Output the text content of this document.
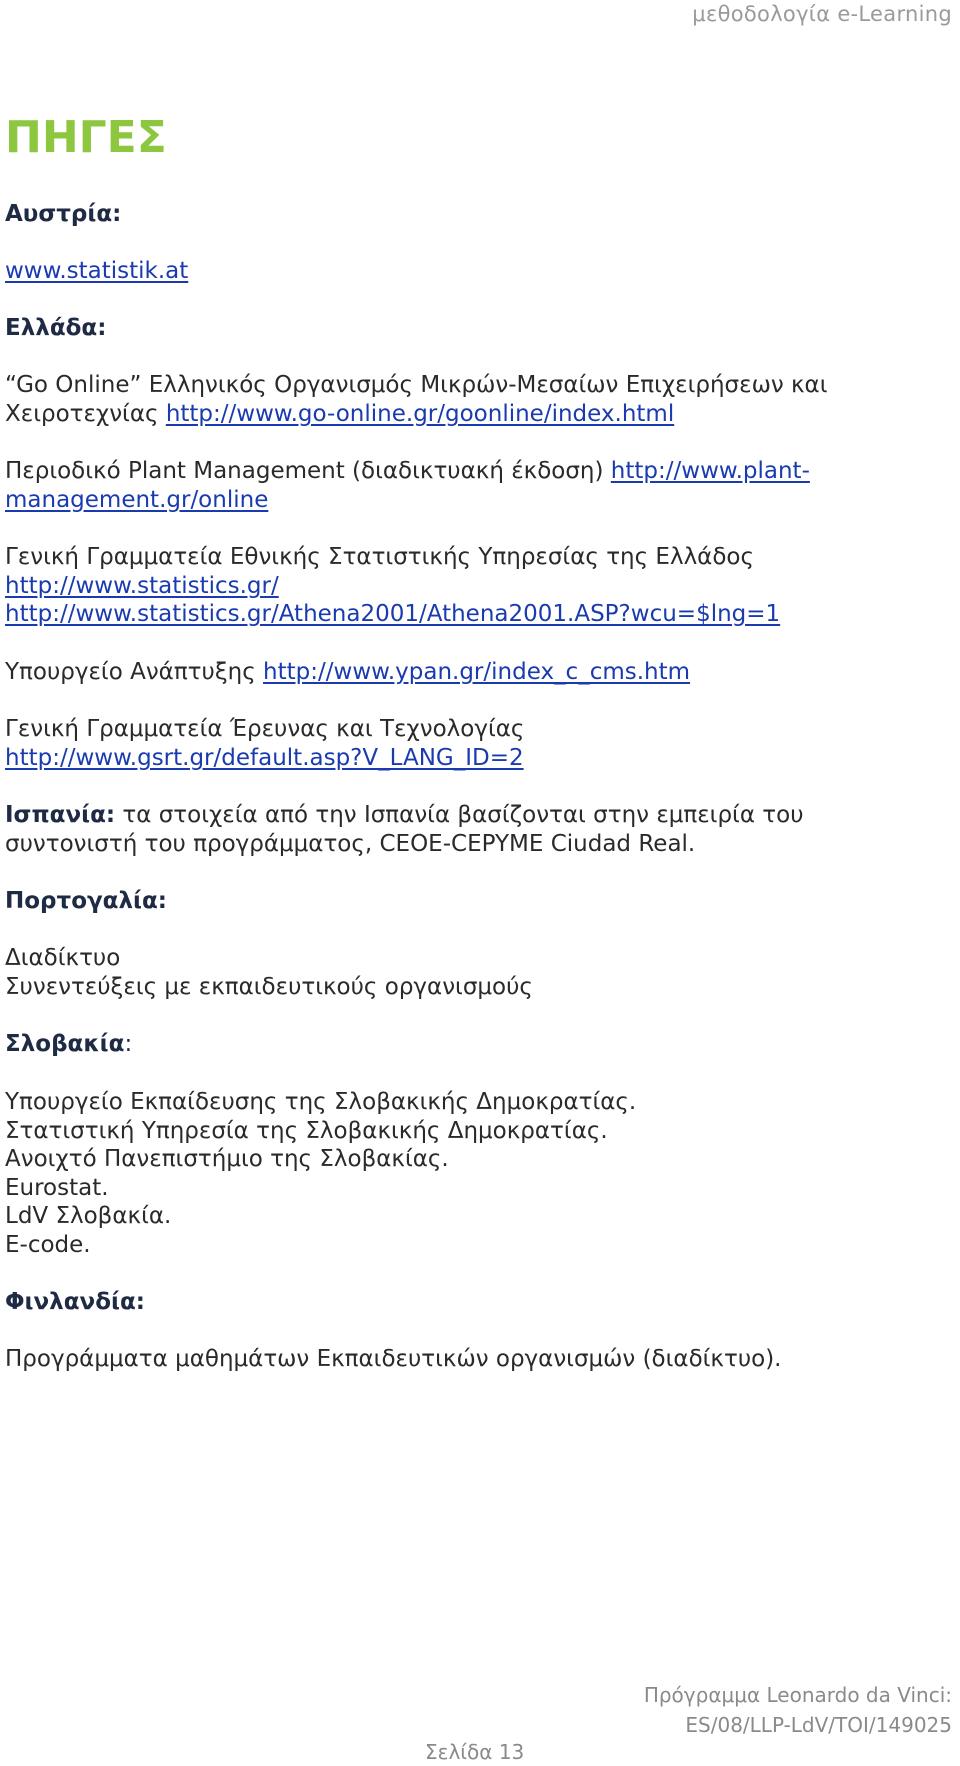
μεθοδολογία e-Learning
ΠΗΓΕΣ
Αυστρία:
www.statistik.at
Ελλάδα:
“Go Online” Ελληνικός Οργανισμός Μικρών-Μεσαίων Επιχειρήσεων και
Χειροτεχνίας http://www.go-online.gr/goonline/index.html
Περιοδικό Plant Management (διαδικτυακή έκδοση) http://www.plant-
management.gr/online
Γενική Γραμματεία Εθνικής Στατιστικής Υπηρεσίας της Ελλάδος
http://www.statistics.gr/
http://www.statistics.gr/Athena2001/Athena2001.ASP?wcu=$lng=1
Υπουργείο Ανάπτυξης http://www.ypan.gr/index_c_cms.htm
Γενική Γραμματεία Έρευνας και Τεχνολογίας
http://www.gsrt.gr/default.asp?V_LANG_ID=2
Ισπανία: τα στοιχεία από την Ισπανία βασίζονται στην εμπειρία του
συντονιστή του προγράμματος, CEOE-CEPYME Ciudad Real.
Πορτογαλία:
Διαδίκτυο
Συνεντεύξεις με εκπαιδευτικούς οργανισμούς
Σλοβακία:
Υπουργείο Εκπαίδευσης της Σλοβακικής Δημοκρατίας.
Στατιστική Υπηρεσία της Σλοβακικής Δημοκρατίας.
Ανοιχτό Πανεπιστήμιο της Σλοβακίας.
Eurostat.
LdV Σλοβακία.
E-code.
Φινλανδία:
Προγράμματα μαθημάτων Εκπαιδευτικών οργανισμών (διαδίκτυο).
Πρόγραμμα Leonardo da Vinci:
ES/08/LLP-LdV/TOI/149025
Σελίδα 13
